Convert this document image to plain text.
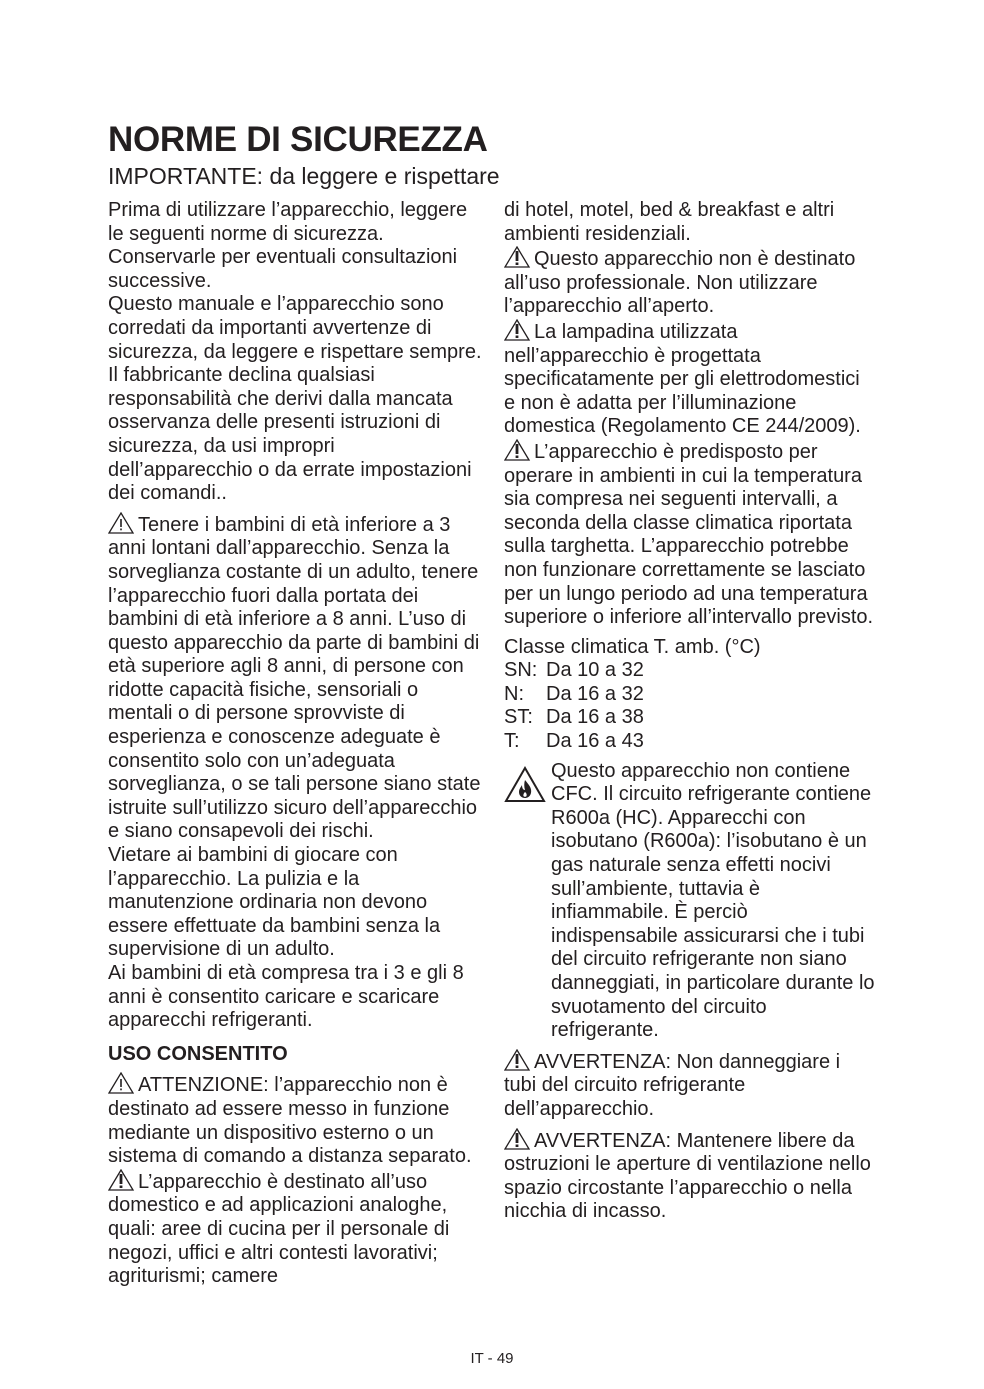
NORME DI SICUREZZA

IMPORTANTE: da leggere e rispettare

Prima di utilizzare l’apparecchio, leggere le seguenti norme di sicurezza. Conservarle per eventuali consultazioni successive.

Questo manuale e l’apparecchio sono corredati da importanti avvertenze di sicurezza, da leggere e rispettare sempre. Il fabbricante declina qualsiasi responsabilità che derivi dalla mancata osservanza delle presenti istruzioni di sicurezza, da usi impropri dell’apparecchio o da errate impostazioni dei comandi..

Tenere i bambini di età inferiore a 3 anni lontani dall’apparecchio. Senza la sorveglianza costante di un adulto, tenere l’apparecchio fuori dalla portata dei bambini di età inferiore a 8 anni. L’uso di questo apparecchio da parte di bambini di età superiore agli 8 anni, di persone con ridotte capacità fisiche, sensoriali o mentali o di persone sprovviste di esperienza e conoscenze adeguate è consentito solo con un’adeguata sorveglianza, o se tali persone siano state istruite sull’utilizzo sicuro dell’apparecchio e siano consapevoli dei rischi.

Vietare ai bambini di giocare con l’apparecchio. La pulizia e la manutenzione ordinaria non devono essere effettuate da bambini senza la supervisione di un adulto.

Ai bambini di età compresa tra i 3 e gli 8 anni è consentito caricare e scaricare apparecchi refrigeranti.

USO CONSENTITO

ATTENZIONE: l’apparecchio non è destinato ad essere messo in funzione mediante un dispositivo esterno o un sistema di comando a distanza separato.

L’apparecchio è destinato all’uso domestico e ad applicazioni analoghe, quali: aree di cucina per il personale di negozi, uffici e altri contesti lavorativi; agriturismi; camere

di hotel, motel, bed & breakfast e altri ambienti residenziali.

Questo apparecchio non è destinato all’uso professionale. Non utilizzare l’apparecchio all’aperto.

La lampadina utilizzata nell’apparecchio è progettata specificatamente per gli elettrodomestici e non è adatta per l’illuminazione domestica (Regolamento CE 244/2009).

L’apparecchio è predisposto per operare in ambienti in cui la temperatura sia compresa nei seguenti intervalli, a seconda della classe climatica riportata sulla targhetta. L’apparecchio potrebbe non funzionare correttamente se lasciato per un lungo periodo ad una temperatura superiore o inferiore all’intervallo previsto.

Classe climatica T. amb. (°C)

SN: Da 10 a 32
N:	Da 16 a 32
ST: Da 16 a 38
T:	Da 16 a 43

Questo apparecchio non contiene CFC. Il circuito refrigerante contiene R600a (HC). Apparecchi con isobutano (R600a): l’isobutano è un gas naturale senza effetti nocivi sull’ambiente, tuttavia è infiammabile. È perciò indispensabile assicurarsi che i tubi del circuito refrigerante non siano danneggiati, in particolare durante lo svuotamento del circuito refrigerante.

AVVERTENZA: Non danneggiare i tubi del circuito refrigerante dell’apparecchio.

AVVERTENZA: Mantenere libere da ostruzioni le aperture di ventilazione nello spazio circostante l’apparecchio o nella nicchia di incasso.

IT - 49
